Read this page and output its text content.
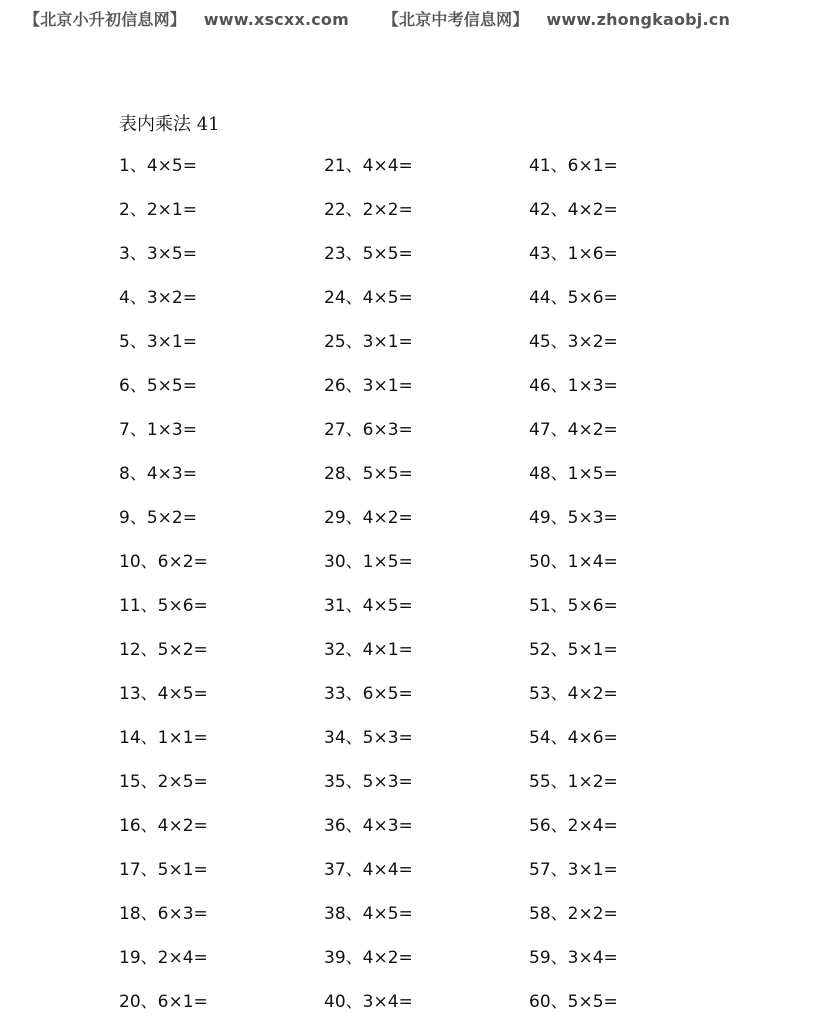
【北京小升初信息网】 www.xscxx.com 【北京中考信息网】 www.zhongkaobj.cn
表内乘法 41
1、4×5=
2、2×1=
3、3×5=
4、3×2=
5、3×1=
6、5×5=
7、1×3=
8、4×3=
9、5×2=
10、6×2=
11、5×6=
12、5×2=
13、4×5=
14、1×1=
15、2×5=
16、4×2=
17、5×1=
18、6×3=
19、2×4=
20、6×1=
21、4×4=
22、2×2=
23、5×5=
24、4×5=
25、3×1=
26、3×1=
27、6×3=
28、5×5=
29、4×2=
30、1×5=
31、4×5=
32、4×1=
33、6×5=
34、5×3=
35、5×3=
36、4×3=
37、4×4=
38、4×5=
39、4×2=
40、3×4=
41、6×1=
42、4×2=
43、1×6=
44、5×6=
45、3×2=
46、1×3=
47、4×2=
48、1×5=
49、5×3=
50、1×4=
51、5×6=
52、5×1=
53、4×2=
54、4×6=
55、1×2=
56、2×4=
57、3×1=
58、2×2=
59、3×4=
60、5×5=
